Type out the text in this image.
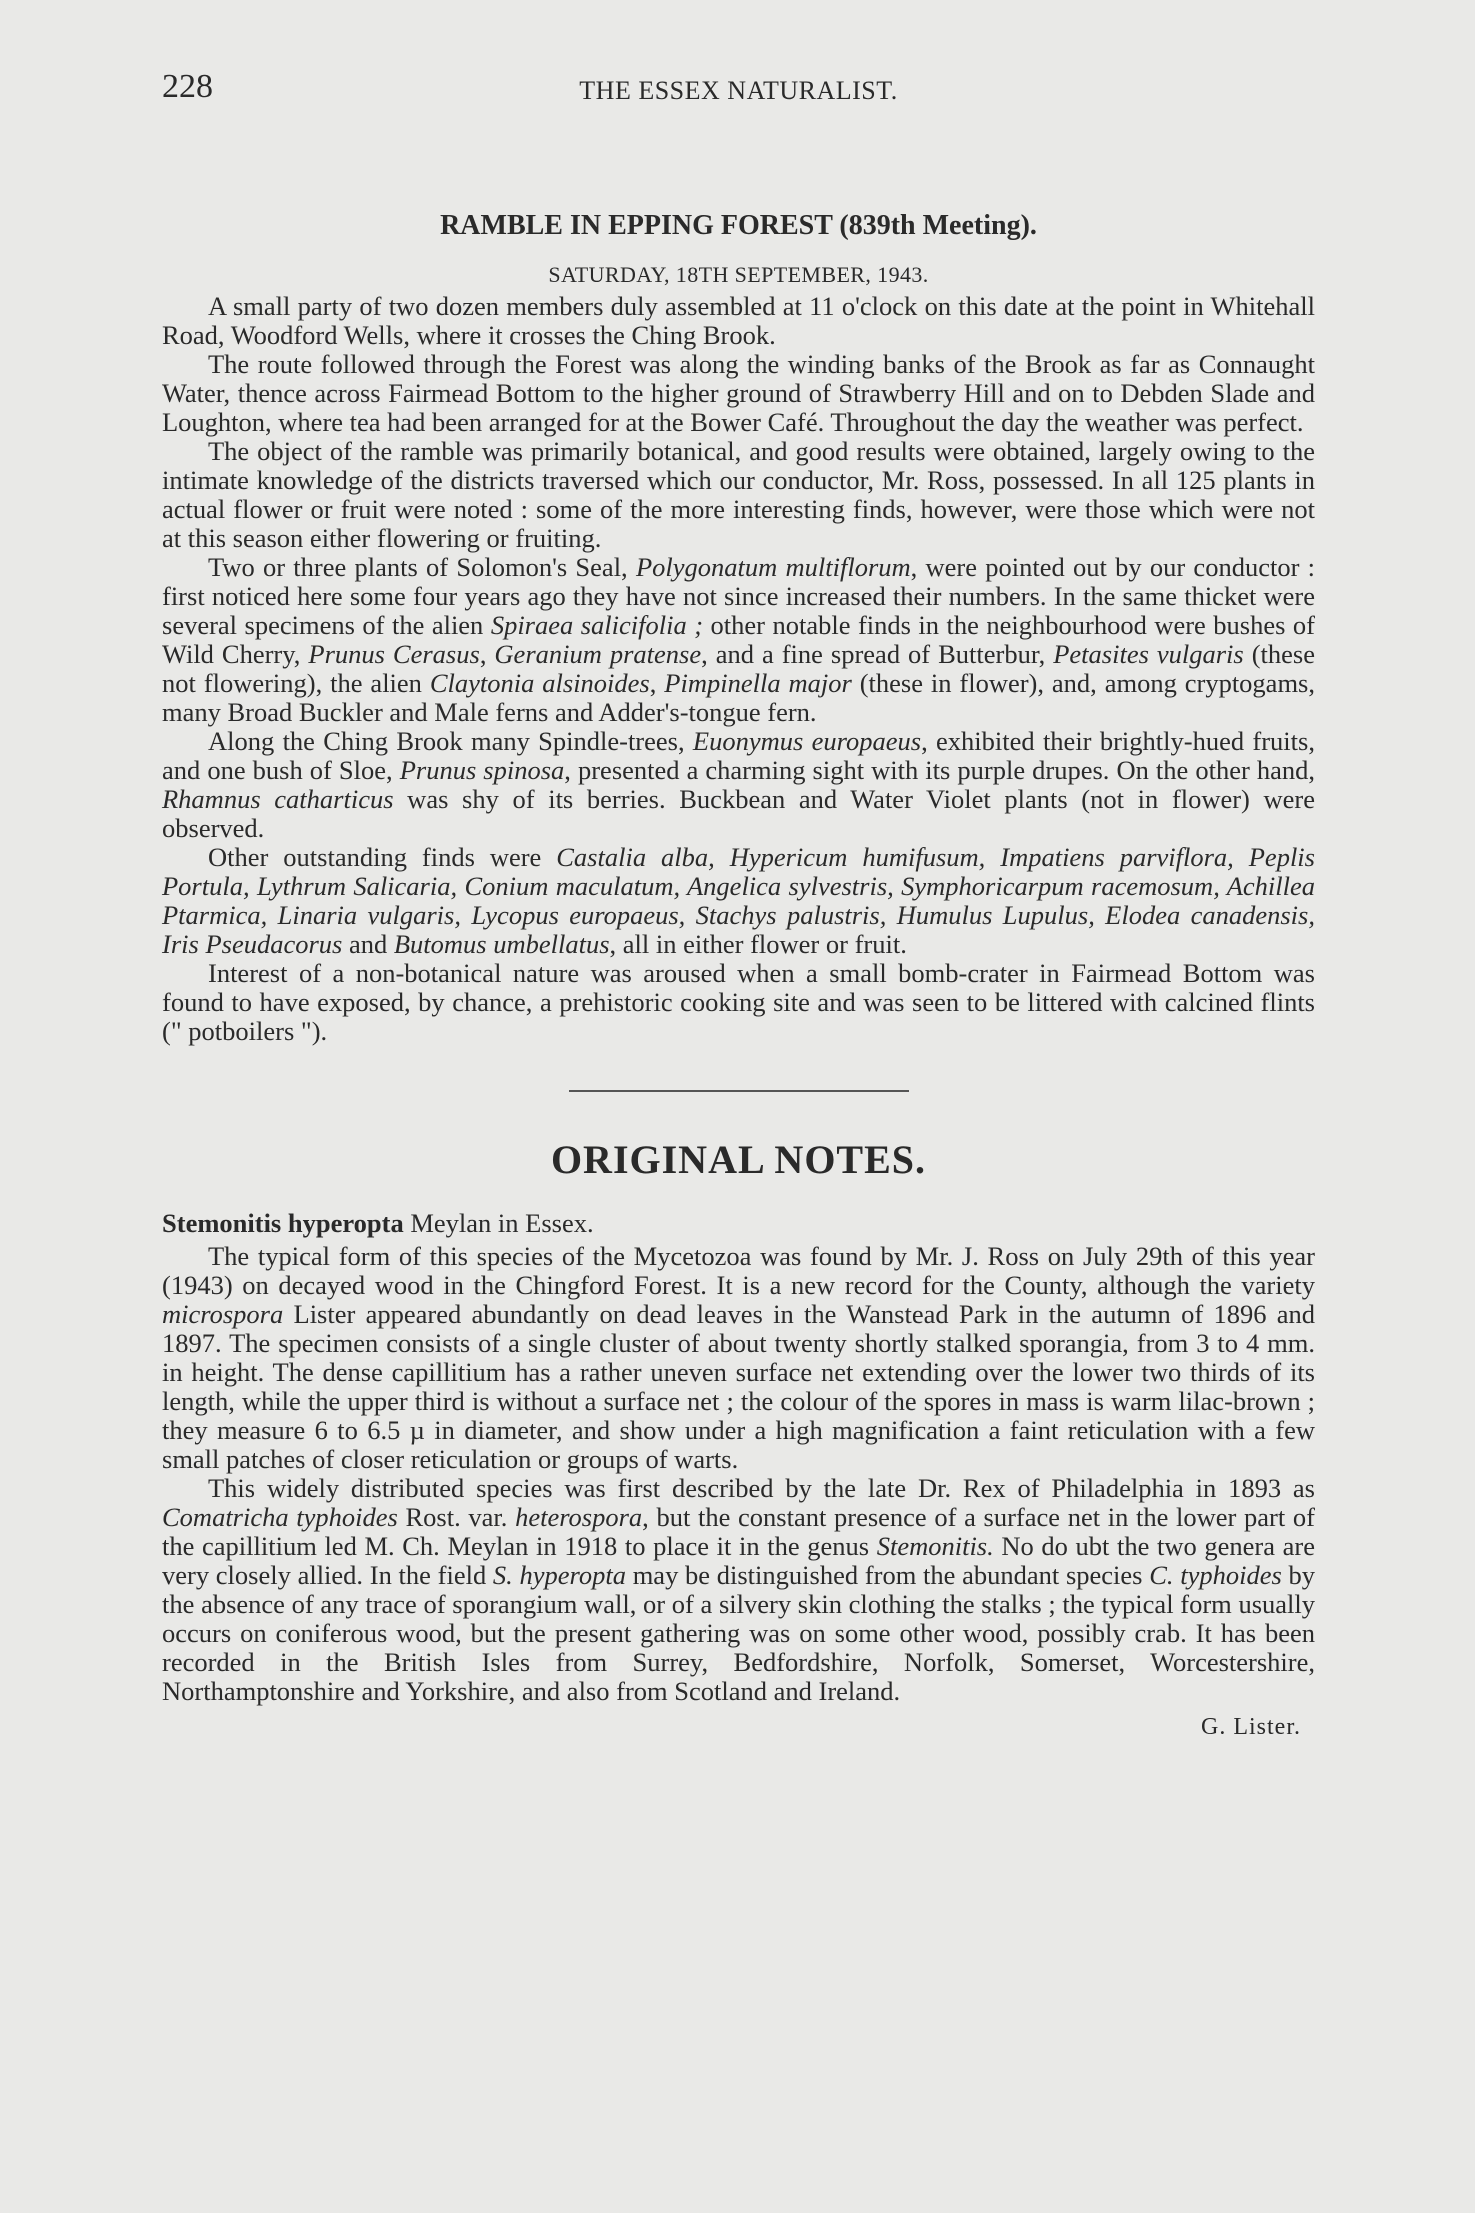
228	THE ESSEX NATURALIST.
RAMBLE IN EPPING FOREST (839th Meeting).
SATURDAY, 18TH SEPTEMBER, 1943.

A small party of two dozen members duly assembled at 11 o'clock on this date at the point in Whitehall Road, Woodford Wells, where it crosses the Ching Brook.

The route followed through the Forest was along the winding banks of the Brook as far as Connaught Water, thence across Fairmead Bottom to the higher ground of Strawberry Hill and on to Debden Slade and Loughton, where tea had been arranged for at the Bower Café. Throughout the day the weather was perfect.

The object of the ramble was primarily botanical, and good results were obtained, largely owing to the intimate knowledge of the districts traversed which our conductor, Mr. Ross, possessed. In all 125 plants in actual flower or fruit were noted : some of the more interesting finds, however, were those which were not at this season either flowering or fruiting.

Two or three plants of Solomon's Seal, Polygonatum multiflorum, were pointed out by our conductor : first noticed here some four years ago they have not since increased their numbers. In the same thicket were several specimens of the alien Spiraea salicifolia ; other notable finds in the neighbourhood were bushes of Wild Cherry, Prunus Cerasus, Geranium pratense, and a fine spread of Butterbur, Petasites vulgaris (these not flowering), the alien Claytonia alsinoides, Pimpinella major (these in flower), and, among cryptogams, many Broad Buckler and Male ferns and Adder's-tongue fern.

Along the Ching Brook many Spindle-trees, Euonymus europaeus, exhibited their brightly-hued fruits, and one bush of Sloe, Prunus spinosa, presented a charming sight with its purple drupes. On the other hand, Rhamnus catharticus was shy of its berries. Buckbean and Water Violet plants (not in flower) were observed.

Other outstanding finds were Castalia alba, Hypericum humifusum, Impatiens parviflora, Peplis Portula, Lythrum Salicaria, Conium maculatum, Angelica sylvestris, Symphoricarpum racemosum, Achillea Ptarmica, Linaria vulgaris, Lycopus europaeus, Stachys palustris, Humulus Lupulus, Elodea canadensis, Iris Pseudacorus and Butomus umbellatus, all in either flower or fruit.

Interest of a non-botanical nature was aroused when a small bomb-crater in Fairmead Bottom was found to have exposed, by chance, a prehistoric cooking site and was seen to be littered with calcined flints (" potboilers ").

ORIGINAL NOTES.
Stemonitis hyperopta Meylan in Essex.

The typical form of this species of the Mycetozoa was found by Mr. J. Ross on July 29th of this year (1943) on decayed wood in the Chingford Forest. It is a new record for the County, although the variety microspora Lister appeared abundantly on dead leaves in the Wanstead Park in the autumn of 1896 and 1897. The specimen consists of a single cluster of about twenty shortly stalked sporangia, from 3 to 4 mm. in height. The dense capillitium has a rather uneven surface net extending over the lower two thirds of its length, while the upper third is without a surface net ; the colour of the spores in mass is warm lilac-brown ; they measure 6 to 6.5 µ in diameter, and show under a high magnification a faint reticulation with a few small patches of closer reticulation or groups of warts.

This widely distributed species was first described by the late Dr. Rex of Philadelphia in 1893 as Comatricha typhoides Rost. var. heterospora, but the constant presence of a surface net in the lower part of the capillitium led M. Ch. Meylan in 1918 to place it in the genus Stemonitis. No do ubt the two genera are very closely allied. In the field S. hyperopta may be distinguished from the abundant species C. typhoides by the absence of any trace of sporangium wall, or of a silvery skin clothing the stalks ; the typical form usually occurs on coniferous wood, but the present gathering was on some other wood, possibly crab. It has been recorded in the British Isles from Surrey, Bedfordshire, Norfolk, Somerset, Worcestershire, Northamptonshire and Yorkshire, and also from Scotland and Ireland.

G. Lister.
